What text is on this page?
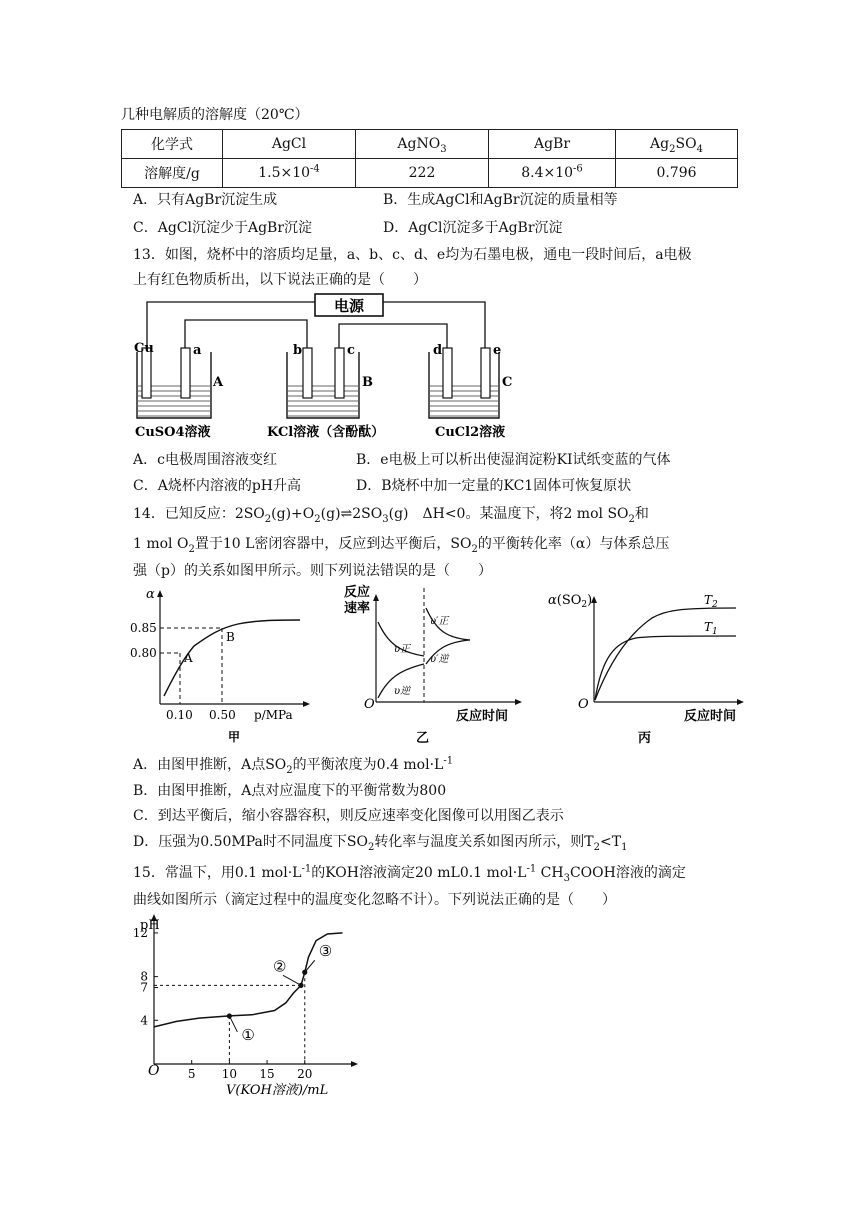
几种电解质的溶解度（20℃）
化学式	AgCl	AgNO$_3$	AgBr	$Ag_2SO_4$
溶解度/g	$1.5\times 10^{-4}$	222	$8.4\times 10^{-6}$	0.796
A．只有AgBr沉淀生成	B．生成AgCl和AgBr沉淀的质量相等
C．AgCl沉淀少于AgBr沉淀	D．AgCl沉淀多于AgBr沉淀
13．如图，烧杯中的溶质均足量，a、b、c、d、e均为石墨电极，通电一段时间后，a电极
上有红色物质析出，以下说法正确的是（　　）
电源
Cu	a
A
CuSO4溶液
b	c
B
KCl溶液（含酚酞）
d	e
C
CuCl2溶液
A．c电极周围溶液变红	B．e电极上可以析出使湿润淀粉KI试纸变蓝的气体
C．A烧杯内溶液的pH升高	D．B烧杯中加一定量的KC1固体可恢复原状
14．已知反应：$2SO_2(g)+O_2(g)\rightleftharpoons 2SO_3(g)$　ΔH<0。某温度下，将2 mol $SO_2$和
1 mol $O_2$置于10 L密闭容器中，反应到达平衡后，$SO_2$的平衡转化率（α）与体系总压
强（p）的关系如图甲所示。则下列说法错误的是（　　）
α
p/MPa
0.85
0.80
0.10 0.50
A
B
甲
反应
速率
O
反应时间
υ正
υ逆
υ′正
υ′逆
乙
$\alpha(SO_2)$
O
反应时间
$T_2$
$T_1$
丙
A．由图甲推断，A点$SO_2$的平衡浓度为0.4 $mol\cdot L^{-1}$
B．由图甲推断，A点对应温度下的平衡常数为800
C．到达平衡后，缩小容器容积，则反应速率变化图像可以用图乙表示
D．压强为0.50MPa时不同温度下$SO_2$转化率与温度关系如图丙所示，则$T_2<T_1$
15．常温下，用0.1 $mol\cdot L^{-1}$的KOH溶液滴定20 mL0.1 $mol\cdot L^{-1}$ $CH_3COOH$溶液的滴定
曲线如图所示（滴定过程中的温度变化忽略不计）。下列说法正确的是（　　）
4
7
8
12
5 10 15 20
①
②
③
pH
V(KOH溶液)/mL
O
